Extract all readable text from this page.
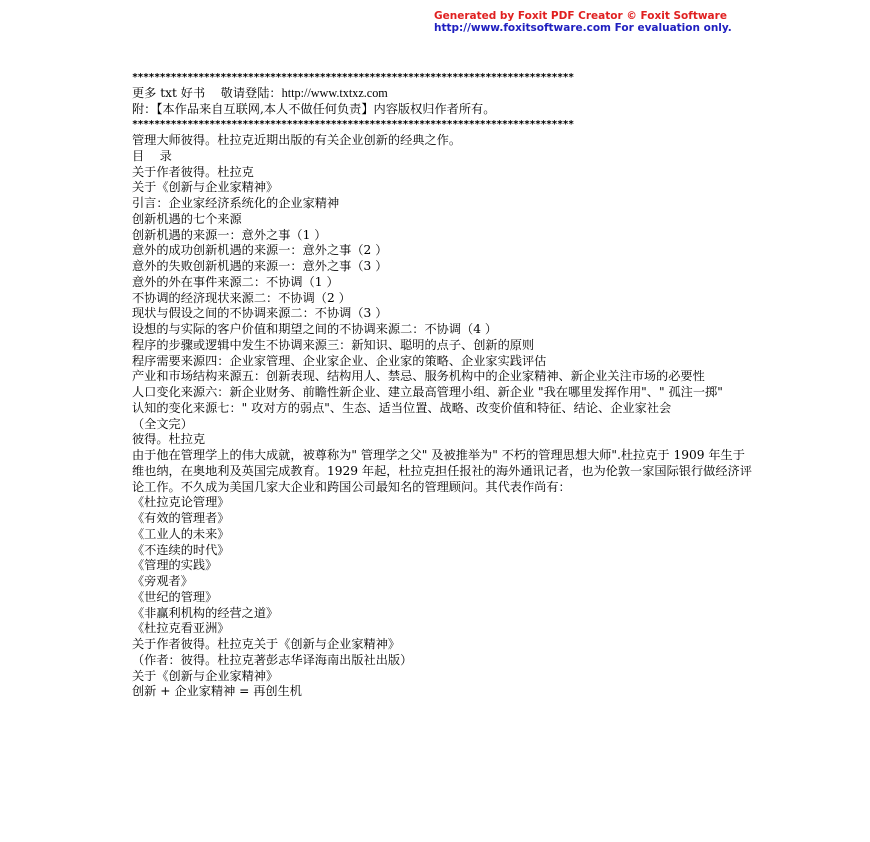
Generated by Foxit PDF Creator © Foxit Software
http://www.foxitsoftware.com For evaluation only.
********************************************************************************
更多 txt 好书    敬请登陆：http://www.txtxz.com
附：【本作品来自互联网,本人不做任何负责】内容版权归作者所有。
********************************************************************************
管理大师彼得。杜拉克近期出版的有关企业创新的经典之作。
目    录
关于作者彼得。杜拉克
关于《创新与企业家精神》
引言：企业家经济系统化的企业家精神
创新机遇的七个来源
创新机遇的来源一：意外之事（1 ）
意外的成功创新机遇的来源一：意外之事（2 ）
意外的失败创新机遇的来源一：意外之事（3 ）
意外的外在事件来源二：不协调（1 ）
不协调的经济现状来源二：不协调（2 ）
现状与假设之间的不协调来源二：不协调（3 ）
设想的与实际的客户价值和期望之间的不协调来源二：不协调（4 ）
程序的步骤或逻辑中发生不协调来源三：新知识、聪明的点子、创新的原则
程序需要来源四：企业家管理、企业家企业、企业家的策略、企业家实践评估
产业和市场结构来源五：创新表现、结构用人、禁忌、服务机构中的企业家精神、新企业关注市场的必要性
人口变化来源六：新企业财务、前瞻性新企业、建立最高管理小组、新企业 "我在哪里发挥作用"、" 孤注一掷"
认知的变化来源七：" 攻对方的弱点"、生态、适当位置、战略、改变价值和特征、结论、企业家社会
（全文完）
彼得。杜拉克
由于他在管理学上的伟大成就，被尊称为" 管理学之父" 及被推举为" 不朽的管理思想大师".杜拉克于 1909 年生于维也纳，在奥地利及英国完成教育。1929 年起，杜拉克担任报社的海外通讯记者，也为伦敦一家国际银行做经济评论工作。不久成为美国几家大企业和跨国公司最知名的管理顾问。其代表作尚有：
《杜拉克论管理》
《有效的管理者》
《工业人的未来》
《不连续的时代》
《管理的实践》
《旁观者》
《世纪的管理》
《非赢利机构的经营之道》
《杜拉克看亚洲》
关于作者彼得。杜拉克关于《创新与企业家精神》
（作者：彼得。杜拉克著彭志华译海南出版社出版）
关于《创新与企业家精神》
创新 + 企业家精神 = 再创生机
